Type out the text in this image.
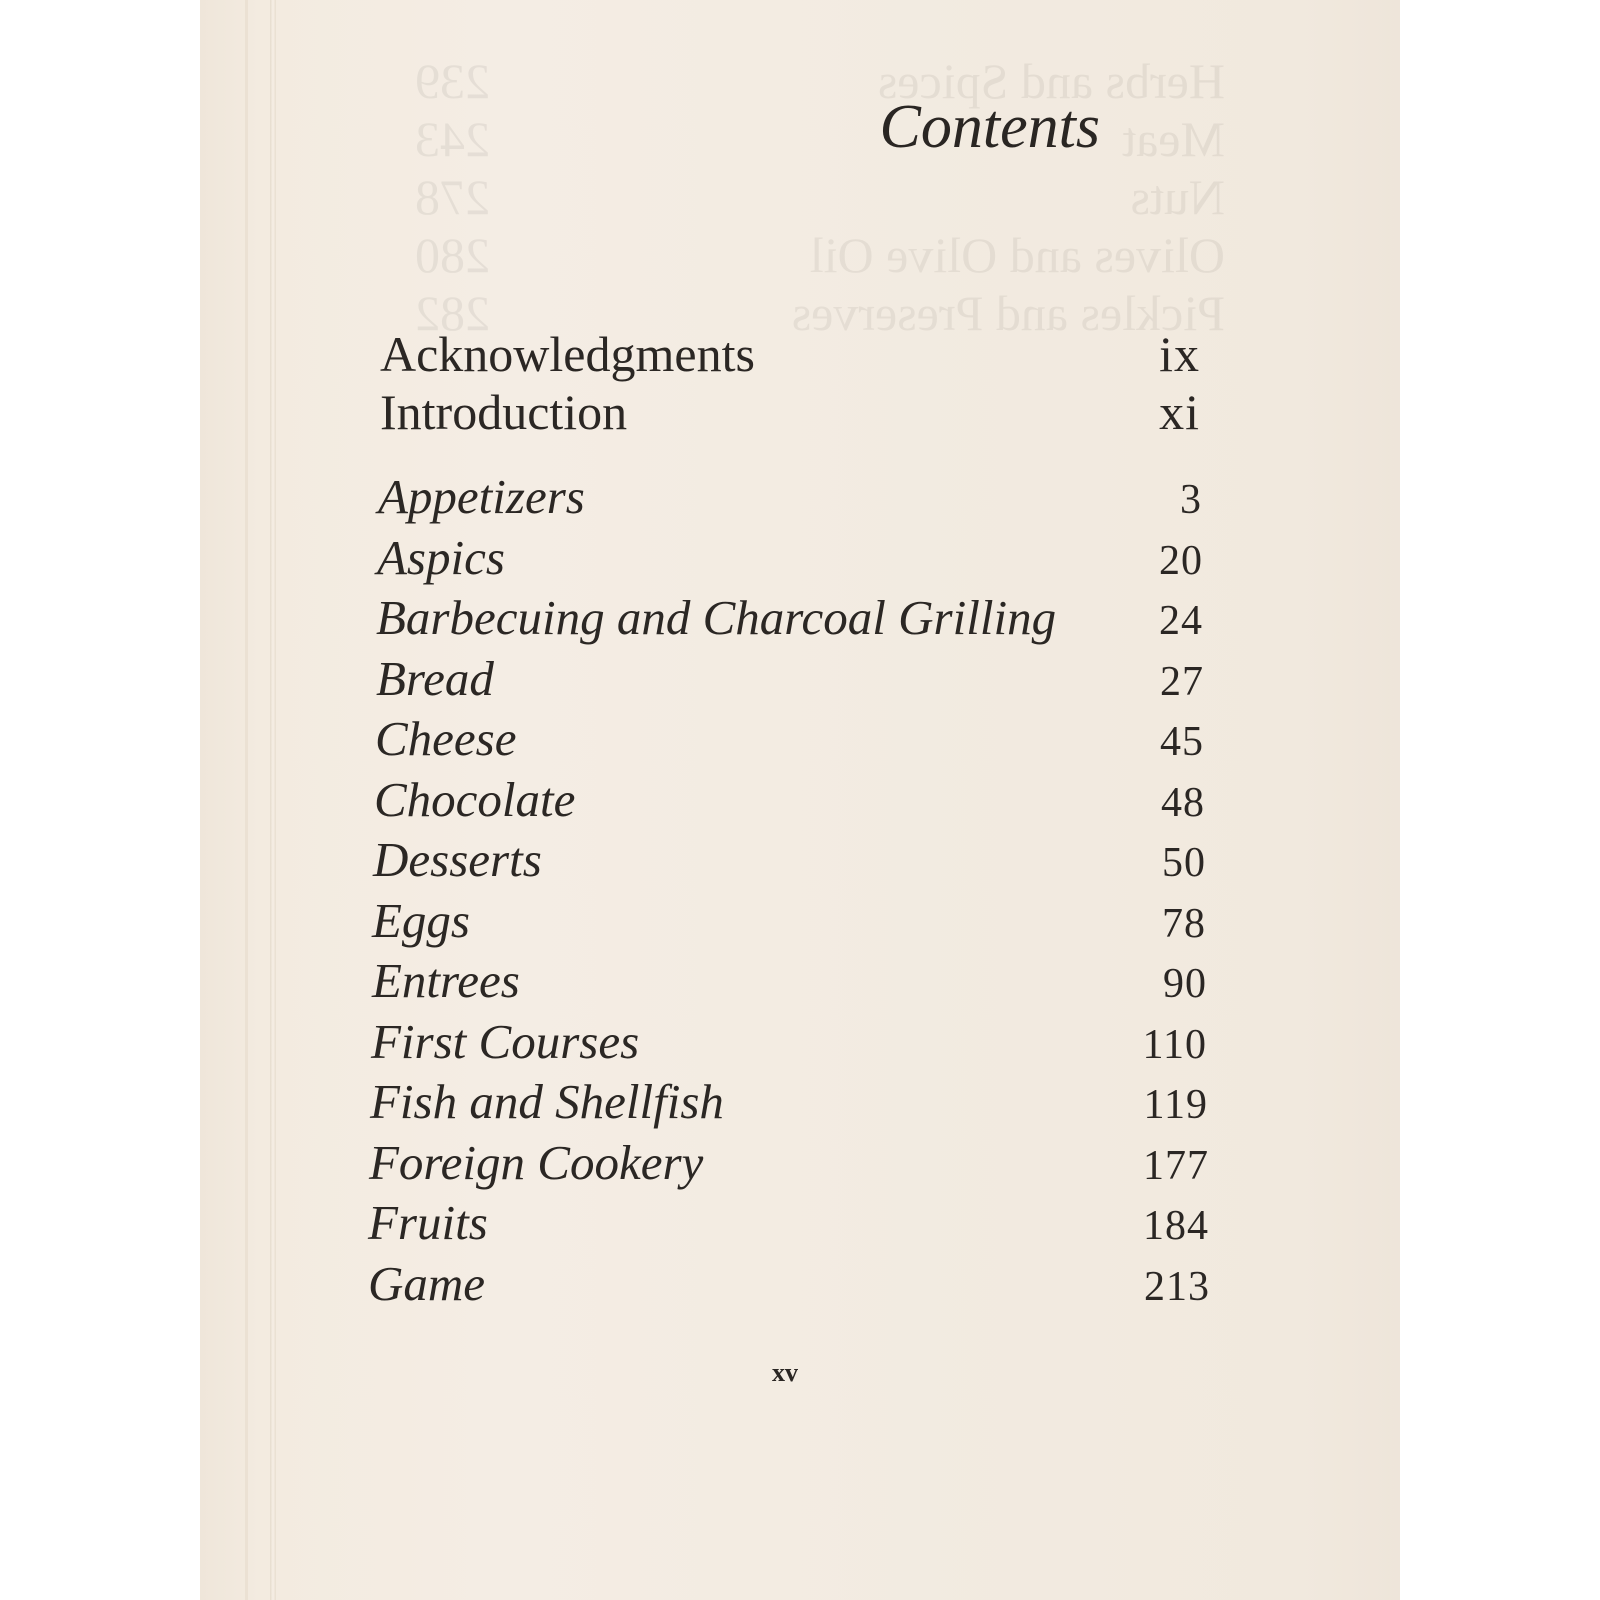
Herbs and Spices
239
Meat
243
Nuts
278
Olives and Olive Oil
280
Pickles and Preserves
282
Contents
Acknowledgments	ix
Introduction	xi
Appetizers	3
Aspics	20
Barbecuing and Charcoal Grilling 24
Bread	27
Cheese	45
Chocolate	48
Desserts	50
Eggs	78
Entrees	90
First Courses	110
Fish and Shellfish	119
Foreign Cookery	177
Fruits	184
Game	213
xv
